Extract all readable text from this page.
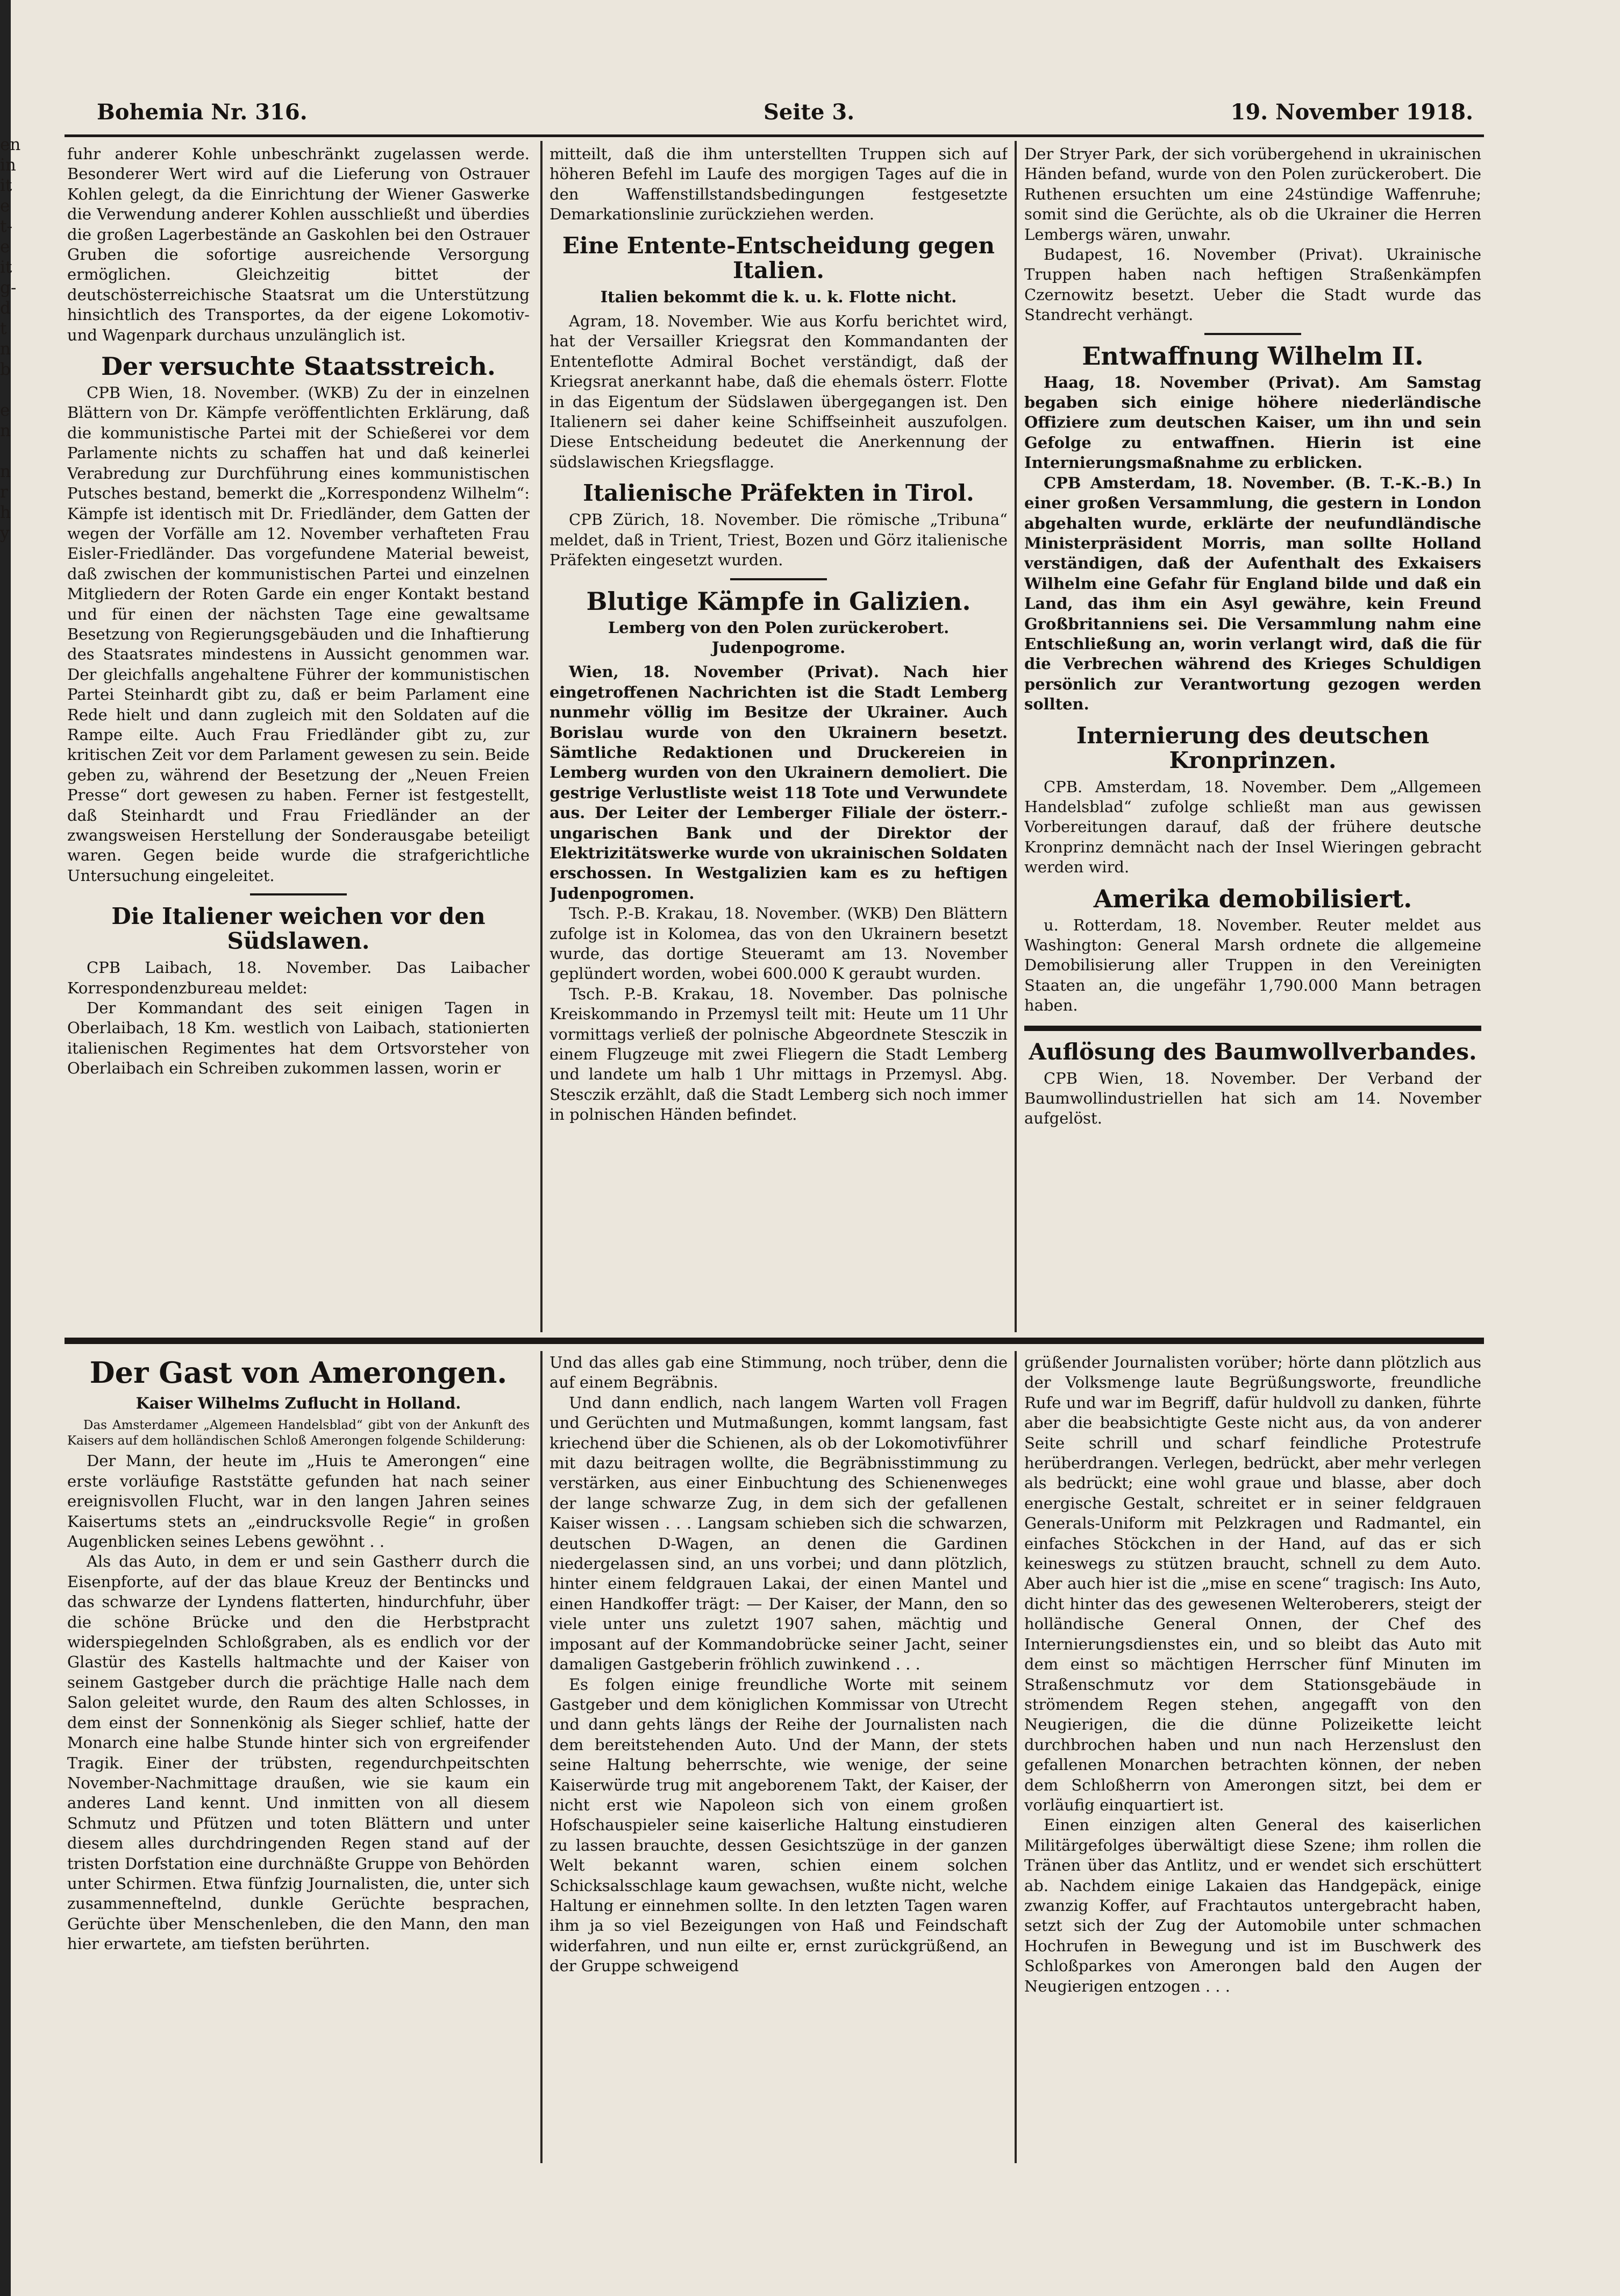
en
in
it
e
t-
e
it
g-
d
t
n
b

e
n

n
r
h
y
Bohemia Nr. 316.	Seite 3.	19. November 1918.

fuhr anderer Kohle unbeschränkt zugelassen werde. Besonderer Wert wird auf die Lieferung von Ostrauer Kohlen gelegt, da die Einrichtung der Wiener Gaswerke die Verwendung anderer Kohlen ausschließt und überdies die großen Lagerbestände an Gaskohlen bei den Ostrauer Gruben die sofortige ausreichende Versorgung ermöglichen. Gleichzeitig bittet der deutschösterreichische Staatsrat um die Unterstützung hinsichtlich des Transportes, da der eigene Lokomotiv- und Wagenpark durchaus unzulänglich ist.

Der versuchte Staatsstreich.

CPB Wien, 18. November. (WKB) Zu der in einzelnen Blättern von Dr. Kämpfe veröffentlichten Erklärung, daß die kommunistische Partei mit der Schießerei vor dem Parlamente nichts zu schaffen hat und daß keinerlei Verabredung zur Durchführung eines kommunistischen Putsches bestand, bemerkt die „Korrespondenz Wilhelm“: Kämpfe ist identisch mit Dr. Friedländer, dem Gatten der wegen der Vorfälle am 12. November verhafteten Frau Eisler-Friedländer. Das vorgefundene Material beweist, daß zwischen der kommunistischen Partei und einzelnen Mitgliedern der Roten Garde ein enger Kontakt bestand und für einen der nächsten Tage eine gewaltsame Besetzung von Regierungsgebäuden und die Inhaftierung des Staatsrates mindestens in Aussicht genommen war. Der gleichfalls angehaltene Führer der kommunistischen Partei Steinhardt gibt zu, daß er beim Parlament eine Rede hielt und dann zugleich mit den Soldaten auf die Rampe eilte. Auch Frau Friedländer gibt zu, zur kritischen Zeit vor dem Parlament gewesen zu sein. Beide geben zu, während der Besetzung der „Neuen Freien Presse“ dort gewesen zu haben. Ferner ist festgestellt, daß Steinhardt und Frau Friedländer an der zwangsweisen Herstellung der Sonderausgabe beteiligt waren. Gegen beide wurde die strafgerichtliche Untersuchung eingeleitet.

Die Italiener weichen vor den Südslawen.

CPB Laibach, 18. November. Das Laibacher Korrespondenzbureau meldet:

Der Kommandant des seit einigen Tagen in Oberlaibach, 18 Km. westlich von Laibach, stationierten italienischen Regimentes hat dem Ortsvorsteher von Oberlaibach ein Schreiben zukommen lassen, worin er

mitteilt, daß die ihm unterstellten Truppen sich auf höheren Befehl im Laufe des morgigen Tages auf die in den Waffenstillstandsbedingungen festgesetzte Demarkationslinie zurückziehen werden.

Eine Entente-Entscheidung gegen Italien.
Italien bekommt die k. u. k. Flotte nicht.

Agram, 18. November. Wie aus Korfu berichtet wird, hat der Versailler Kriegsrat den Kommandanten der Ententeflotte Admiral Bochet verständigt, daß der Kriegsrat anerkannt habe, daß die ehemals österr. Flotte in das Eigentum der Südslawen übergegangen ist. Den Italienern sei daher keine Schiffseinheit auszufolgen. Diese Entscheidung bedeutet die Anerkennung der südslawischen Kriegsflagge.

Italienische Präfekten in Tirol.

CPB Zürich, 18. November. Die römische „Tribuna“ meldet, daß in Trient, Triest, Bozen und Görz italienische Präfekten eingesetzt wurden.

Blutige Kämpfe in Galizien.
Lemberg von den Polen zurückerobert. Judenpogrome.

Wien, 18. November (Privat). Nach hier eingetroffenen Nachrichten ist die Stadt Lemberg nunmehr völlig im Besitze der Ukrainer. Auch Borislau wurde von den Ukrainern besetzt. Sämtliche Redaktionen und Druckereien in Lemberg wurden von den Ukrainern demoliert. Die gestrige Verlustliste weist 118 Tote und Verwundete aus. Der Leiter der Lemberger Filiale der österr.-ungarischen Bank und der Direktor der Elektrizitätswerke wurde von ukrainischen Soldaten erschossen. In Westgalizien kam es zu heftigen Judenpogromen.

Tsch. P.-B. Krakau, 18. November. (WKB) Den Blättern zufolge ist in Kolomea, das von den Ukrainern besetzt wurde, das dortige Steueramt am 13. November geplündert worden, wobei 600.000 K geraubt wurden.

Tsch. P.-B. Krakau, 18. November. Das polnische Kreiskommando in Przemysl teilt mit: Heute um 11 Uhr vormittags verließ der polnische Abgeordnete Stesczik in einem Flugzeuge mit zwei Fliegern die Stadt Lemberg und landete um halb 1 Uhr mittags in Przemysl. Abg. Stesczik erzählt, daß die Stadt Lemberg sich noch immer in polnischen Händen befindet.

Der Stryer Park, der sich vorübergehend in ukrainischen Händen befand, wurde von den Polen zurückerobert. Die Ruthenen ersuchten um eine 24stündige Waffenruhe; somit sind die Gerüchte, als ob die Ukrainer die Herren Lembergs wären, unwahr.

Budapest, 16. November (Privat). Ukrainische Truppen haben nach heftigen Straßenkämpfen Czernowitz besetzt. Ueber die Stadt wurde das Standrecht verhängt.

Entwaffnung Wilhelm II.

Haag, 18. November (Privat). Am Samstag begaben sich einige höhere niederländische Offiziere zum deutschen Kaiser, um ihn und sein Gefolge zu entwaffnen. Hierin ist eine Internierungsmaßnahme zu erblicken.

CPB Amsterdam, 18. November. (B. T.-K.-B.) In einer großen Versammlung, die gestern in London abgehalten wurde, erklärte der neufundländische Ministerpräsident Morris, man sollte Holland verständigen, daß der Aufenthalt des Exkaisers Wilhelm eine Gefahr für England bilde und daß ein Land, das ihm ein Asyl gewähre, kein Freund Großbritanniens sei. Die Versammlung nahm eine Entschließung an, worin verlangt wird, daß die für die Verbrechen während des Krieges Schuldigen persönlich zur Verantwortung gezogen werden sollten.

Internierung des deutschen Kronprinzen.

CPB. Amsterdam, 18. November. Dem „Allgemeen Handelsblad“ zufolge schließt man aus gewissen Vorbereitungen darauf, daß der frühere deutsche Kronprinz demnächt nach der Insel Wieringen gebracht werden wird.

Amerika demobilisiert.

u. Rotterdam, 18. November. Reuter meldet aus Washington: General Marsh ordnete die allgemeine Demobilisierung aller Truppen in den Vereinigten Staaten an, die ungefähr 1,790.000 Mann betragen haben.

Auflösung des Baumwollverbandes.

CPB Wien, 18. November. Der Verband der Baumwollindustriellen hat sich am 14. November aufgelöst.

Der Gast von Amerongen.
Kaiser Wilhelms Zuflucht in Holland.

Das Amsterdamer „Algemeen Handelsblad“ gibt von der Ankunft des Kaisers auf dem holländischen Schloß Amerongen folgende Schilderung:

Der Mann, der heute im „Huis te Amerongen“ eine erste vorläufige Raststätte gefunden hat nach seiner ereignisvollen Flucht, war in den langen Jahren seines Kaisertums stets an „eindrucksvolle Regie“ in großen Augenblicken seines Lebens gewöhnt . .

Als das Auto, in dem er und sein Gastherr durch die Eisenpforte, auf der das blaue Kreuz der Bentincks und das schwarze der Lyndens flatterten, hindurchfuhr, über die schöne Brücke und den die Herbstpracht widerspiegelnden Schloßgraben, als es endlich vor der Glastür des Kastells haltmachte und der Kaiser von seinem Gastgeber durch die prächtige Halle nach dem Salon geleitet wurde, den Raum des alten Schlosses, in dem einst der Sonnenkönig als Sieger schlief, hatte der Monarch eine halbe Stunde hinter sich von ergreifender Tragik. Einer der trübsten, regendurchpeitschten November-Nachmittage draußen, wie sie kaum ein anderes Land kennt. Und inmitten von all diesem Schmutz und Pfützen und toten Blättern und unter diesem alles durchdringenden Regen stand auf der tristen Dorfstation eine durchnäßte Gruppe von Behörden unter Schirmen. Etwa fünfzig Journalisten, die, unter sich zusammenneftelnd, dunkle Gerüchte besprachen, Gerüchte über Menschenleben, die den Mann, den man hier erwartete, am tiefsten berührten.

Und das alles gab eine Stimmung, noch trüber, denn die auf einem Begräbnis.

Und dann endlich, nach langem Warten voll Fragen und Gerüchten und Mutmaßungen, kommt langsam, fast kriechend über die Schienen, als ob der Lokomotivführer mit dazu beitragen wollte, die Begräbnisstimmung zu verstärken, aus einer Einbuchtung des Schienenweges der lange schwarze Zug, in dem sich der gefallenen Kaiser wissen . . . Langsam schieben sich die schwarzen, deutschen D-Wagen, an denen die Gardinen niedergelassen sind, an uns vorbei; und dann plötzlich, hinter einem feldgrauen Lakai, der einen Mantel und einen Handkoffer trägt: — Der Kaiser, der Mann, den so viele unter uns zuletzt 1907 sahen, mächtig und imposant auf der Kommandobrücke seiner Jacht, seiner damaligen Gastgeberin fröhlich zuwinkend . . .

Es folgen einige freundliche Worte mit seinem Gastgeber und dem königlichen Kommissar von Utrecht und dann gehts längs der Reihe der Journalisten nach dem bereitstehenden Auto. Und der Mann, der stets seine Haltung beherrschte, wie wenige, der seine Kaiserwürde trug mit angeborenem Takt, der Kaiser, der nicht erst wie Napoleon sich von einem großen Hofschauspieler seine kaiserliche Haltung einstudieren zu lassen brauchte, dessen Gesichtszüge in der ganzen Welt bekannt waren, schien einem solchen Schicksalsschlage kaum gewachsen, wußte nicht, welche Haltung er einnehmen sollte. In den letzten Tagen waren ihm ja so viel Bezeigungen von Haß und Feindschaft widerfahren, und nun eilte er, ernst zurückgrüßend, an der Gruppe schweigend

grüßender Journalisten vorüber; hörte dann plötzlich aus der Volksmenge laute Begrüßungsworte, freundliche Rufe und war im Begriff, dafür huldvoll zu danken, führte aber die beabsichtigte Geste nicht aus, da von anderer Seite schrill und scharf feindliche Protestrufe herüberdrangen. Verlegen, bedrückt, aber mehr verlegen als bedrückt; eine wohl graue und blasse, aber doch energische Gestalt, schreitet er in seiner feldgrauen Generals-Uniform mit Pelzkragen und Radmantel, ein einfaches Stöckchen in der Hand, auf das er sich keineswegs zu stützen braucht, schnell zu dem Auto. Aber auch hier ist die „mise en scene“ tragisch: Ins Auto, dicht hinter das des gewesenen Welteroberers, steigt der holländische General Onnen, der Chef des Internierungsdienstes ein, und so bleibt das Auto mit dem einst so mächtigen Herrscher fünf Minuten im Straßenschmutz vor dem Stationsgebäude in strömendem Regen stehen, angegafft von den Neugierigen, die die dünne Polizeikette leicht durchbrochen haben und nun nach Herzenslust den gefallenen Monarchen betrachten können, der neben dem Schloßherrn von Amerongen sitzt, bei dem er vorläufig einquartiert ist.

Einen einzigen alten General des kaiserlichen Militärgefolges überwältigt diese Szene; ihm rollen die Tränen über das Antlitz, und er wendet sich erschüttert ab. Nachdem einige Lakaien das Handgepäck, einige zwanzig Koffer, auf Frachtautos untergebracht haben, setzt sich der Zug der Automobile unter schmachen Hochrufen in Bewegung und ist im Buschwerk des Schloßparkes von Amerongen bald den Augen der Neugierigen entzogen . . .
